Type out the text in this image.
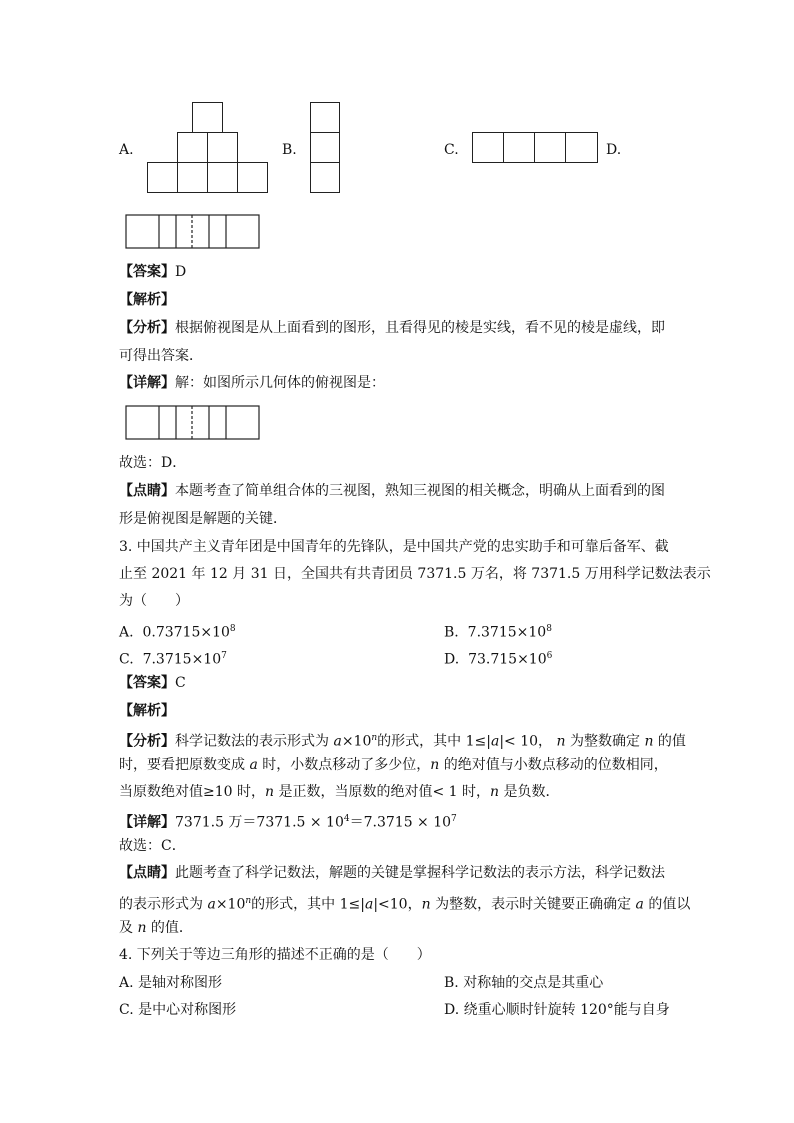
A.	B.	C.	D.
【答案】D
【解析】
【分析】根据俯视图是从上面看到的图形，且看得见的棱是实线，看不见的棱是虚线，即
可得出答案．
【详解】解：如图所示几何体的俯视图是：
故选：D．
【点睛】本题考查了简单组合体的三视图，熟知三视图的相关概念，明确从上面看到的图
形是俯视图是解题的关键．
3. 中国共产主义青年团是中国青年的先锋队，是中国共产党的忠实助手和可靠后备军、截
止至 2021 年 12 月 31 日，全国共有共青团员 7371.5 万名，将 7371.5 万用科学记数法表示
为（　　）
A. $0.73715\times 10^8$	B. $7.3715\times 10^8$
C. $7.3715\times 10^7$	D. $73.715\times 10^6$
【答案】C
【解析】
【分析】科学记数法的表示形式为 $a\times 10^n$的形式，其中 1≤|a|< 10， n 为整数确定 n 的值
时，要看把原数变成 a 时，小数点移动了多少位，n 的绝对值与小数点移动的位数相同，
当原数绝对值≥10 时，n 是正数，当原数的绝对值< 1 时，n 是负数．
【详解】7371.5 万$=7371.5 \times 10^4=7.3715 \times 10^7$
故选：C．
【点睛】此题考查了科学记数法，解题的关键是掌握科学记数法的表示方法，科学记数法
的表示形式为 $a\times 10^n$的形式，其中 1≤|a|<10，n 为整数，表示时关键要正确确定 a 的值以
及 n 的值．
4. 下列关于等边三角形的描述不正确的是（　　）
A. 是轴对称图形	B. 对称轴的交点是其重心
C. 是中心对称图形	D. 绕重心顺时针旋转 120°能与自身
